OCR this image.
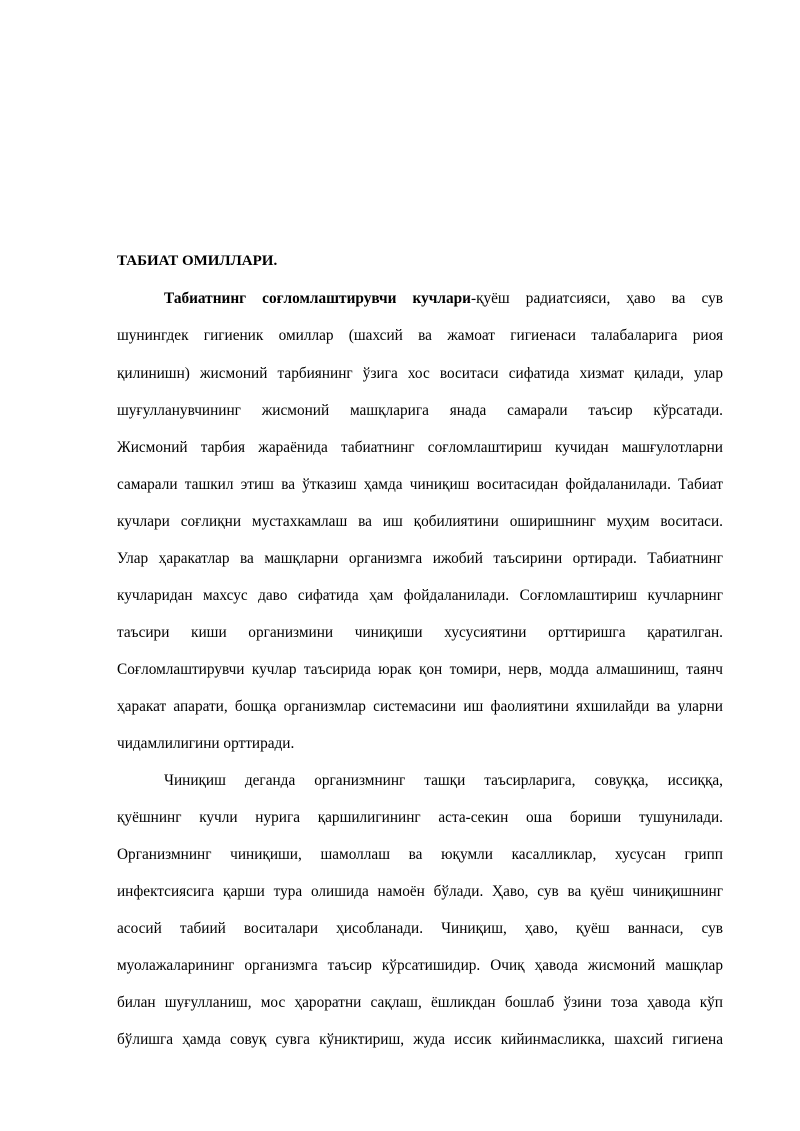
ТАБИАТ ОМИЛЛАРИ.
Табиатнинг соғломлаштирувчи кучлари-қуёш радиатсияси, ҳаво ва сув
шунингдек гигиеник омиллар (шахсий ва жамоат гигиенаси талабаларига риоя
қилинишн) жисмоний тарбиянинг ўзига хос воситаси сифатида хизмат қилади, улар
шуғулланувчининг жисмоний машқларига янада самарали таъсир кўрсатади.
Жисмоний тарбия жараёнида табиатнинг соғломлаштириш кучидан машғулотларни
самарали ташкил этиш ва ўтказиш ҳамда чиниқиш воситасидан фойдаланилади. Табиат
кучлари соғлиқни мустахкамлаш ва иш қобилиятини оширишнинг муҳим воситаси.
Улар ҳаракатлар ва машқларни организмга ижобий таъсирини ортиради. Табиатнинг
кучларидан махсус даво сифатида ҳам фойдаланилади. Соғломлаштириш кучларнинг
таъсири киши организмини чиниқиши хусусиятини орттиришга қаратилган.
Соғломлаштирувчи кучлар таъсирида юрак қон томири, нерв, модда алмашиниш, таянч
ҳаракат апарати, бошқа организмлар системасини иш фаолиятини яхшилайди ва уларни
чидамлилигини орттиради.
Чиниқиш деганда организмнинг ташқи таъсирларига, совуққа, иссиққа,
қуёшнинг кучли нурига қаршилигининг аста-секин оша бориши тушунилади.
Организмнинг чиниқиши, шамоллаш ва юқумли касалликлар, хусусан грипп
инфектсиясига қарши тура олишида намоён бўлади. Ҳаво, сув ва қуёш чиниқишнинг
асосий табиий воситалари ҳисобланади. Чиниқиш, ҳаво, қуёш ваннаси, сув
муолажаларининг организмга таъсир кўрсатишидир. Очиқ ҳавода жисмоний машқлар
билан шуғулланиш, мос ҳароратни сақлаш, ёшликдан бошлаб ўзини тоза ҳавода кўп
бўлишга ҳамда совуқ сувга кўниктириш, жуда иссик кийинмасликка, шахсий гигиена
